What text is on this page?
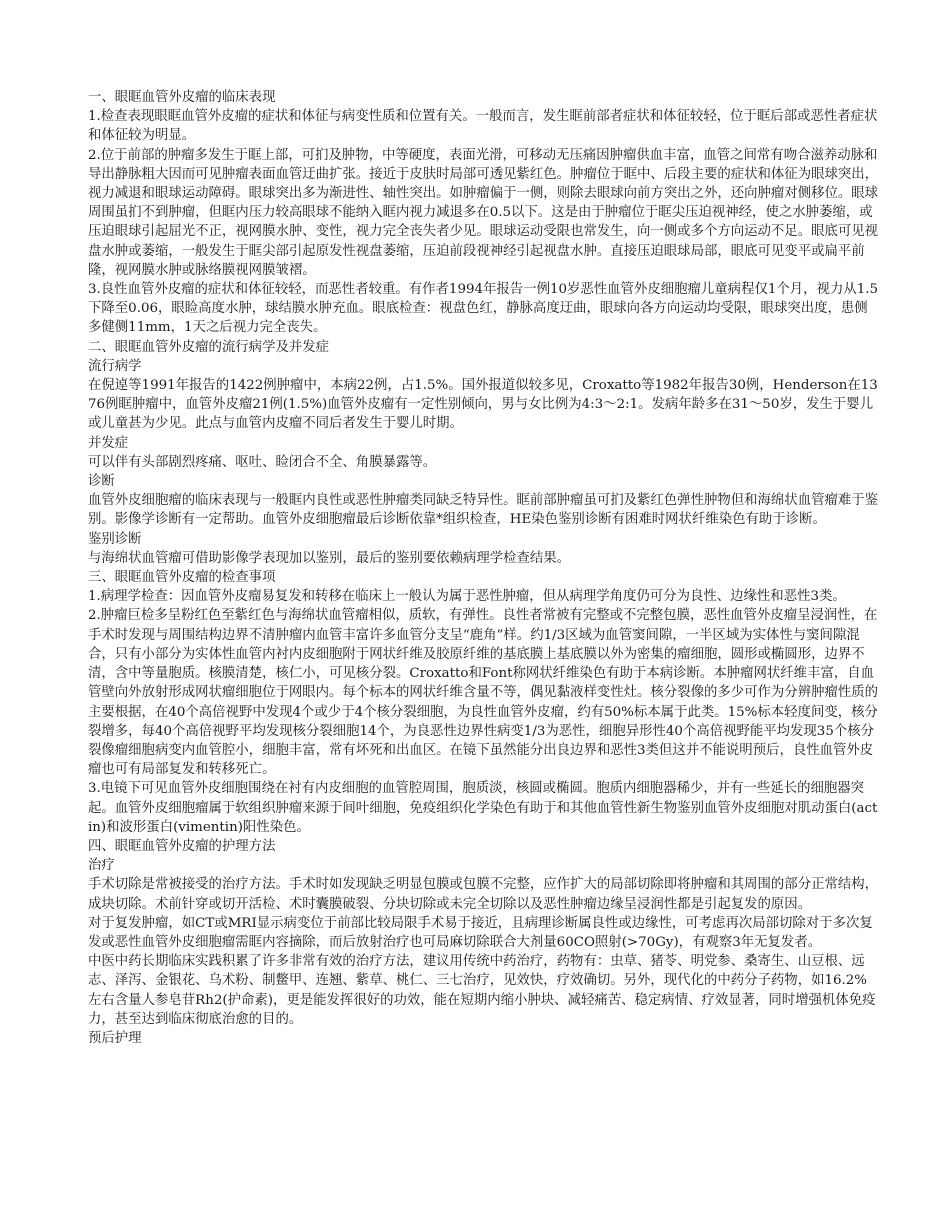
一、眼眶血管外皮瘤的临床表现

1.检查表现眼眶血管外皮瘤的症状和体征与病变性质和位置有关。一般而言，发生眶前部者症状和体征较轻，位于眶后部或恶性者症状和体征较为明显。

2.位于前部的肿瘤多发生于眶上部，可扪及肿物，中等硬度，表面光滑，可移动无压痛因肿瘤供血丰富，血管之间常有吻合滋养动脉和导出静脉粗大因而可见肿瘤表面血管迂曲扩张。接近于皮肤时局部可透见紫红色。肿瘤位于眶中、后段主要的症状和体征为眼球突出，视力减退和眼球运动障碍。眼球突出多为渐进性、轴性突出。如肿瘤偏于一侧，则除去眼球向前方突出之外，还向肿瘤对侧移位。眼球周围虽扪不到肿瘤，但眶内压力较高眼球不能纳入眶内视力减退多在0.5以下。这是由于肿瘤位于眶尖压迫视神经，使之水肿萎缩，或压迫眼球引起屈光不正，视网膜水肿、变性，视力完全丧失者少见。眼球运动受限也常发生，向一侧或多个方向运动不足。眼底可见视盘水肿或萎缩，一般发生于眶尖部引起原发性视盘萎缩，压迫前段视神经引起视盘水肿。直接压迫眼球局部，眼底可见变平或扁平前隆，视网膜水肿或脉络膜视网膜皱褶。

3.良性血管外皮瘤的症状和体征较轻，而恶性者较重。有作者1994年报告一例10岁恶性血管外皮细胞瘤儿童病程仅1个月，视力从1.5下降至0.06，眼睑高度水肿，球结膜水肿充血。眼底检查：视盘色红，静脉高度迂曲，眼球向各方向运动均受限，眼球突出度，患侧多健侧11mm，1天之后视力完全丧失。

二、眼眶血管外皮瘤的流行病学及并发症

流行病学

在倪逴等1991年报告的1422例肿瘤中，本病22例，占1.5%。国外报道似较多见，Croxatto等1982年报告30例，Henderson在1376例眶肿瘤中，血管外皮瘤21例(1.5%)血管外皮瘤有一定性别倾向，男与女比例为4:3～2:1。发病年龄多在31～50岁，发生于婴儿或儿童甚为少见。此点与血管内皮瘤不同后者发生于婴儿时期。

并发症

可以伴有头部剧烈疼痛、呕吐、睑闭合不全、角膜暴露等。

诊断

血管外皮细胞瘤的临床表现与一般眶内良性或恶性肿瘤类同缺乏特异性。眶前部肿瘤虽可扪及紫红色弹性肿物但和海绵状血管瘤难于鉴别。影像学诊断有一定帮助。血管外皮细胞瘤最后诊断依靠*组织检查，HE染色鉴别诊断有困难时网状纤维染色有助于诊断。

鉴别诊断

与海绵状血管瘤可借助影像学表现加以鉴别，最后的鉴别要依赖病理学检查结果。

三、眼眶血管外皮瘤的检查事项

1.病理学检查：因血管外皮瘤易复发和转移在临床上一般认为属于恶性肿瘤，但从病理学角度仍可分为良性、边缘性和恶性3类。

2.肿瘤巨检多呈粉红色至紫红色与海绵状血管瘤相似，质软，有弹性。良性者常被有完整或不完整包膜，恶性血管外皮瘤呈浸润性，在手术时发现与周围结构边界不清肿瘤内血管丰富许多血管分支呈“鹿角”样。约1/3区域为血管窦间隙，一半区域为实体性与窦间隙混合，只有小部分为实体性血管内衬内皮细胞附于网状纤维及胶原纤维的基底膜上基底膜以外为密集的瘤细胞，圆形或椭圆形，边界不清，含中等量胞质。核膜清楚，核仁小，可见核分裂。Croxatto和Font称网状纤维染色有助于本病诊断。本肿瘤网状纤维丰富，自血管壁向外放射形成网状瘤细胞位于网眼内。每个标本的网状纤维含量不等，偶见黏液样变性灶。核分裂像的多少可作为分辨肿瘤性质的主要根据，在40个高倍视野中发现4个或少于4个核分裂细胞，为良性血管外皮瘤，约有50%标本属于此类。15%标本轻度间变，核分裂增多，每40个高倍视野平均发现核分裂细胞14个，为良恶性边界性病变1/3为恶性，细胞异形性40个高倍视野能平均发现35个核分裂像瘤细胞病变内血管腔小，细胞丰富，常有坏死和出血区。在镜下虽然能分出良边界和恶性3类但这并不能说明预后，良性血管外皮瘤也可有局部复发和转移死亡。

3.电镜下可见血管外皮细胞围绕在衬有内皮细胞的血管腔周围，胞质淡，核圆或椭圆。胞质内细胞器稀少，并有一些延长的细胞器突起。血管外皮细胞瘤属于软组织肿瘤来源于间叶细胞，免疫组织化学染色有助于和其他血管性新生物鉴别血管外皮细胞对肌动蛋白(actin)和波形蛋白(vimentin)阳性染色。

四、眼眶血管外皮瘤的护理方法

治疗

手术切除是常被接受的治疗方法。手术时如发现缺乏明显包膜或包膜不完整，应作扩大的局部切除即将肿瘤和其周围的部分正常结构，成块切除。术前针穿或切开活检、术时囊膜破裂、分块切除或未完全切除以及恶性肿瘤边缘呈浸润性都是引起复发的原因。

对于复发肿瘤，如CT或MRI显示病变位于前部比较局限手术易于接近，且病理诊断属良性或边缘性，可考虑再次局部切除对于多次复发或恶性血管外皮细胞瘤需眶内容摘除，而后放射治疗也可局麻切除联合大剂量60CO照射(>70Gy)，有观察3年无复发者。

中医中药长期临床实践积累了许多非常有效的治疗方法，建议用传统中药治疗，药物有：虫草、猪苓、明党参、桑寄生、山豆根、远志、泽泻、金银花、乌术粉、制鳖甲、连翘、紫草、桃仁、三七治疗，见效快，疗效确切。另外，现代化的中药分子药物，如16.2%左右含量人参皂苷Rh2(护命素)，更是能发挥很好的功效，能在短期内缩小肿块、减轻痛苦、稳定病情、疗效显著，同时增强机体免疫力，甚至达到临床彻底治愈的目的。

预后护理
